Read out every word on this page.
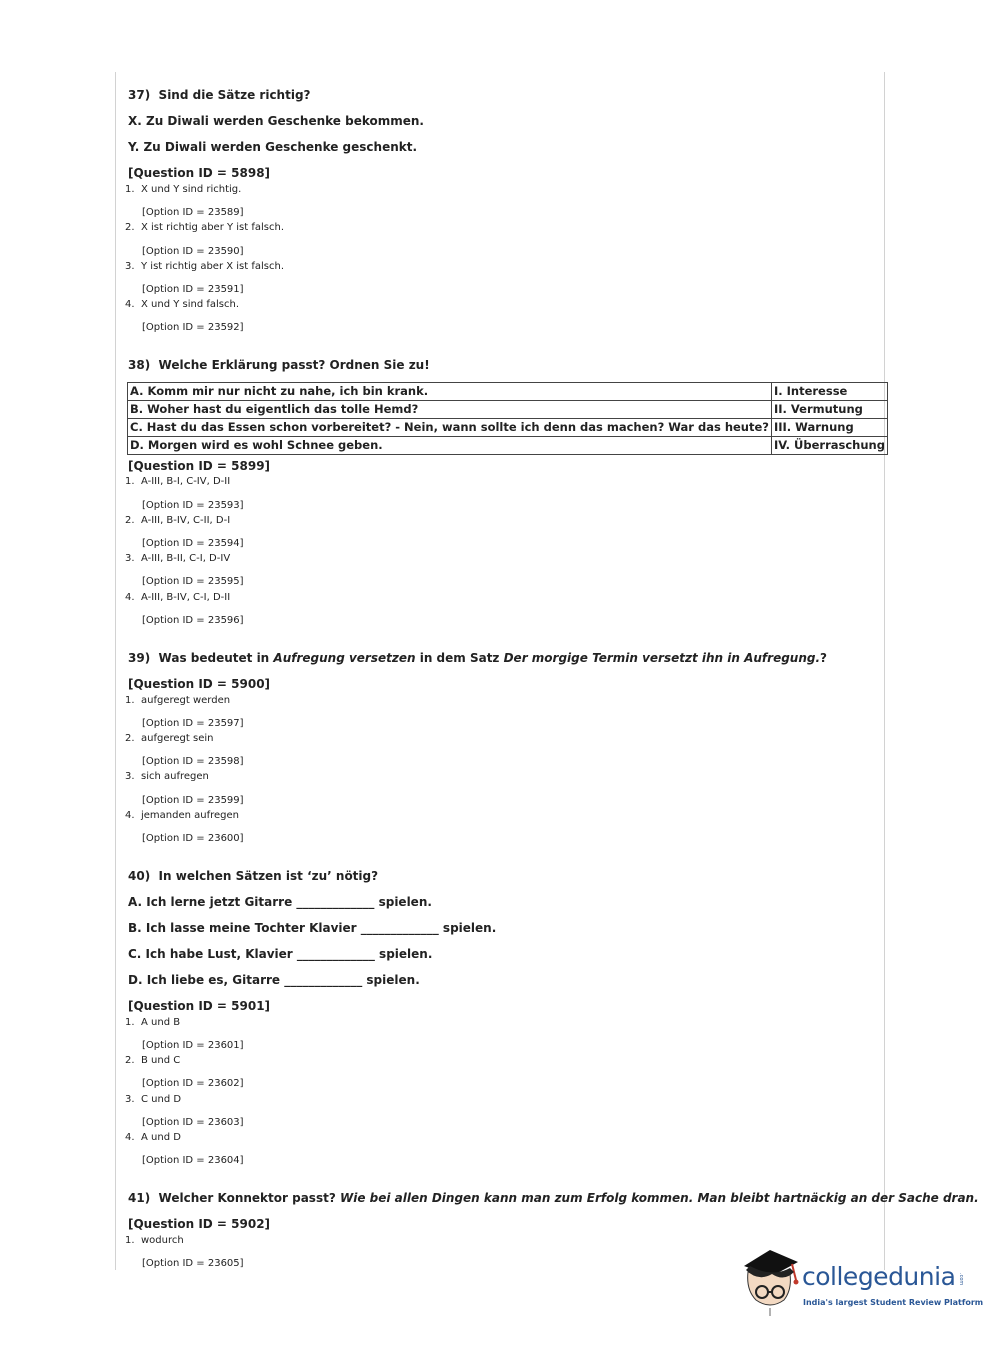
37) Sind die Sätze richtig?
X. Zu Diwali werden Geschenke bekommen.
Y. Zu Diwali werden Geschenke geschenkt.
[Question ID = 5898]
1. X und Y sind richtig.
[Option ID = 23589]
2. X ist richtig aber Y ist falsch.
[Option ID = 23590]
3. Y ist richtig aber X ist falsch.
[Option ID = 23591]
4. X und Y sind falsch.
[Option ID = 23592]
38) Welche Erklärung passt? Ordnen Sie zu!
A. Komm mir nur nicht zu nahe, ich bin krank.	I. Interesse
B. Woher hast du eigentlich das tolle Hemd?	II. Vermutung
C. Hast du das Essen schon vorbereitet? - Nein, wann sollte ich denn das machen? War das heute?	III. Warnung
D. Morgen wird es wohl Schnee geben.	IV. Überraschung
[Question ID = 5899]
1. A-III, B-I, C-IV, D-II
[Option ID = 23593]
2. A-III, B-IV, C-II, D-I
[Option ID = 23594]
3. A-III, B-II, C-I, D-IV
[Option ID = 23595]
4. A-III, B-IV, C-I, D-II
[Option ID = 23596]
39) Was bedeutet in Aufregung versetzen in dem Satz Der morgige Termin versetzt ihn in Aufregung.?
[Question ID = 5900]
1. aufgeregt werden
[Option ID = 23597]
2. aufgeregt sein
[Option ID = 23598]
3. sich aufregen
[Option ID = 23599]
4. jemanden aufregen
[Option ID = 23600]
40) In welchen Sätzen ist ‘zu’ nötig?
A. Ich lerne jetzt Gitarre _____________ spielen.
B. Ich lasse meine Tochter Klavier _____________ spielen.
C. Ich habe Lust, Klavier _____________ spielen.
D. Ich liebe es, Gitarre _____________ spielen.
[Question ID = 5901]
1. A und B
[Option ID = 23601]
2. B und C
[Option ID = 23602]
3. C und D
[Option ID = 23603]
4. A und D
[Option ID = 23604]
41) Welcher Konnektor passt? Wie bei allen Dingen kann man zum Erfolg kommen. Man bleibt hartnäckig an der Sache dran.
[Question ID = 5902]
1. wodurch
[Option ID = 23605]	collegedunia .com
India's largest Student Review Platform
